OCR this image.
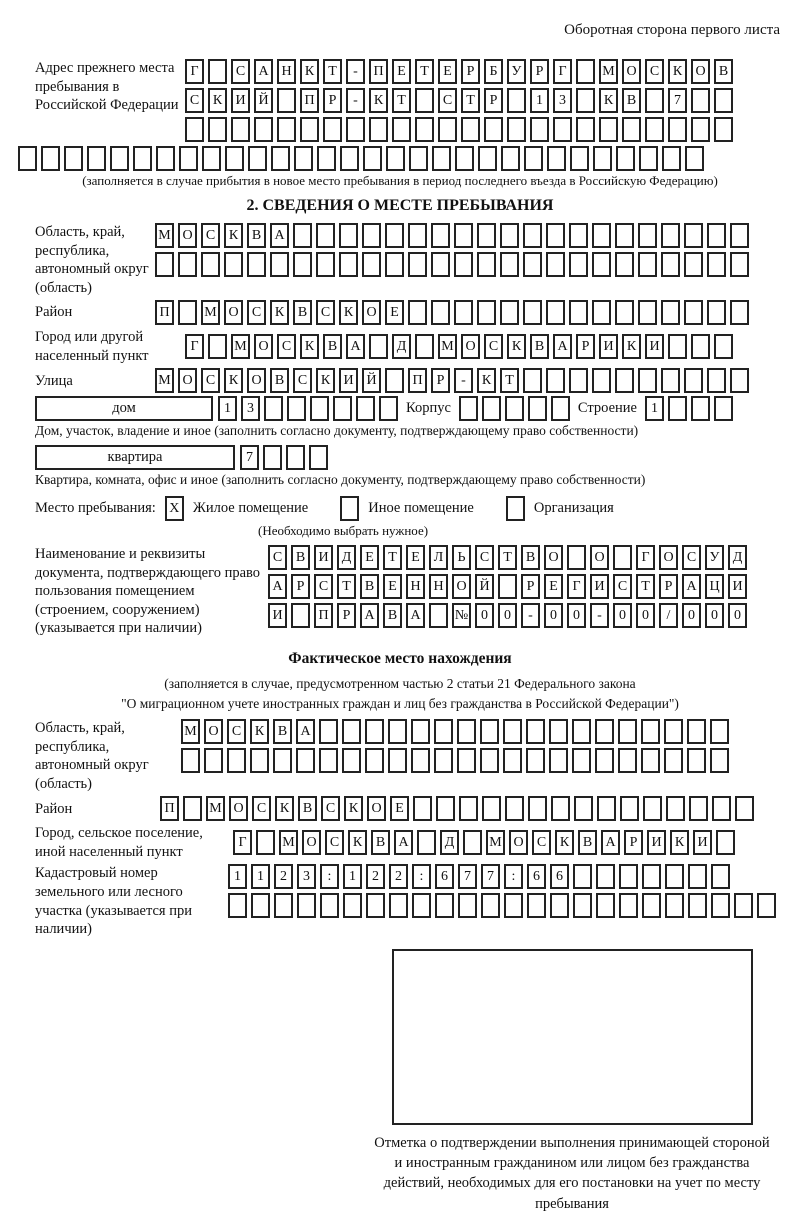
Оборотная сторона первого листа
Адрес прежнего места пребывания в Российской Федерации
Г	С А Н К	Т	-	П Е	Т	Е	Р	Б	У	Р	Г	М О С К О В
С К И Й	П	Р	-	К	Т	С	Т	Р	1	3	К В	7
(заполняется в случае прибытия в новое место пребывания в период последнего въезда в Российскую Федерацию)
2. СВЕДЕНИЯ О МЕСТЕ ПРЕБЫВАНИЯ
Область, край, республика, автономный округ (область)
М О С К В А
Район	П	М О С К В С К О Е
Город или другой населенный пункт
Г	М О С К В А	Д	М О С К В А	Р	И К И
Улица	М О С К О В С К И Й	П	Р	-	К	Т
дом	1	3	Корпус	Строение	1
Дом, участок, владение и иное (заполнить согласно документу, подтверждающему право собственности)
квартира	7
Квартира, комната, офис и иное (заполнить согласно документу, подтверждающему право собственности)
Место пребывания: X Жилое помещение	Иное помещение	Организация
(Необходимо выбрать нужное)
Наименование и реквизиты документа, подтверждающего право пользования помещением (строением, сооружением) (указывается при наличии)
С В И Д Е	Т	Е Л	Ь	С	Т	В О	О	Г О С У Д
А	Р	С	Т	В	Е Н Н О Й	Р	Е	Г И С	Т	Р	А Ц И
И	П	Р	А В А	№ 0	0	-	0	0	-	0	0	/	0	0	0
Фактическое место нахождения
(заполняется в случае, предусмотренном частью 2 статьи 21 Федерального закона
"О миграционном учете иностранных граждан и лиц без гражданства в Российской Федерации")
Область, край, республика, автономный округ (область)
М О С К В А
Район	П	М О С К В С К О Е
Город, сельское поселение, иной населенный пункт
Г	М О С К В А	Д	М О С К В А	Р	И К И
Кадастровый номер земельного или лесного участка (указывается при наличии)
1	1	2	3	:	1	2	2	:	6	7	7	:	6	6
Отметка о подтверждении выполнения принимающей стороной и иностранным гражданином или лицом без гражданства действий, необходимых для его постановки на учет по месту пребывания
